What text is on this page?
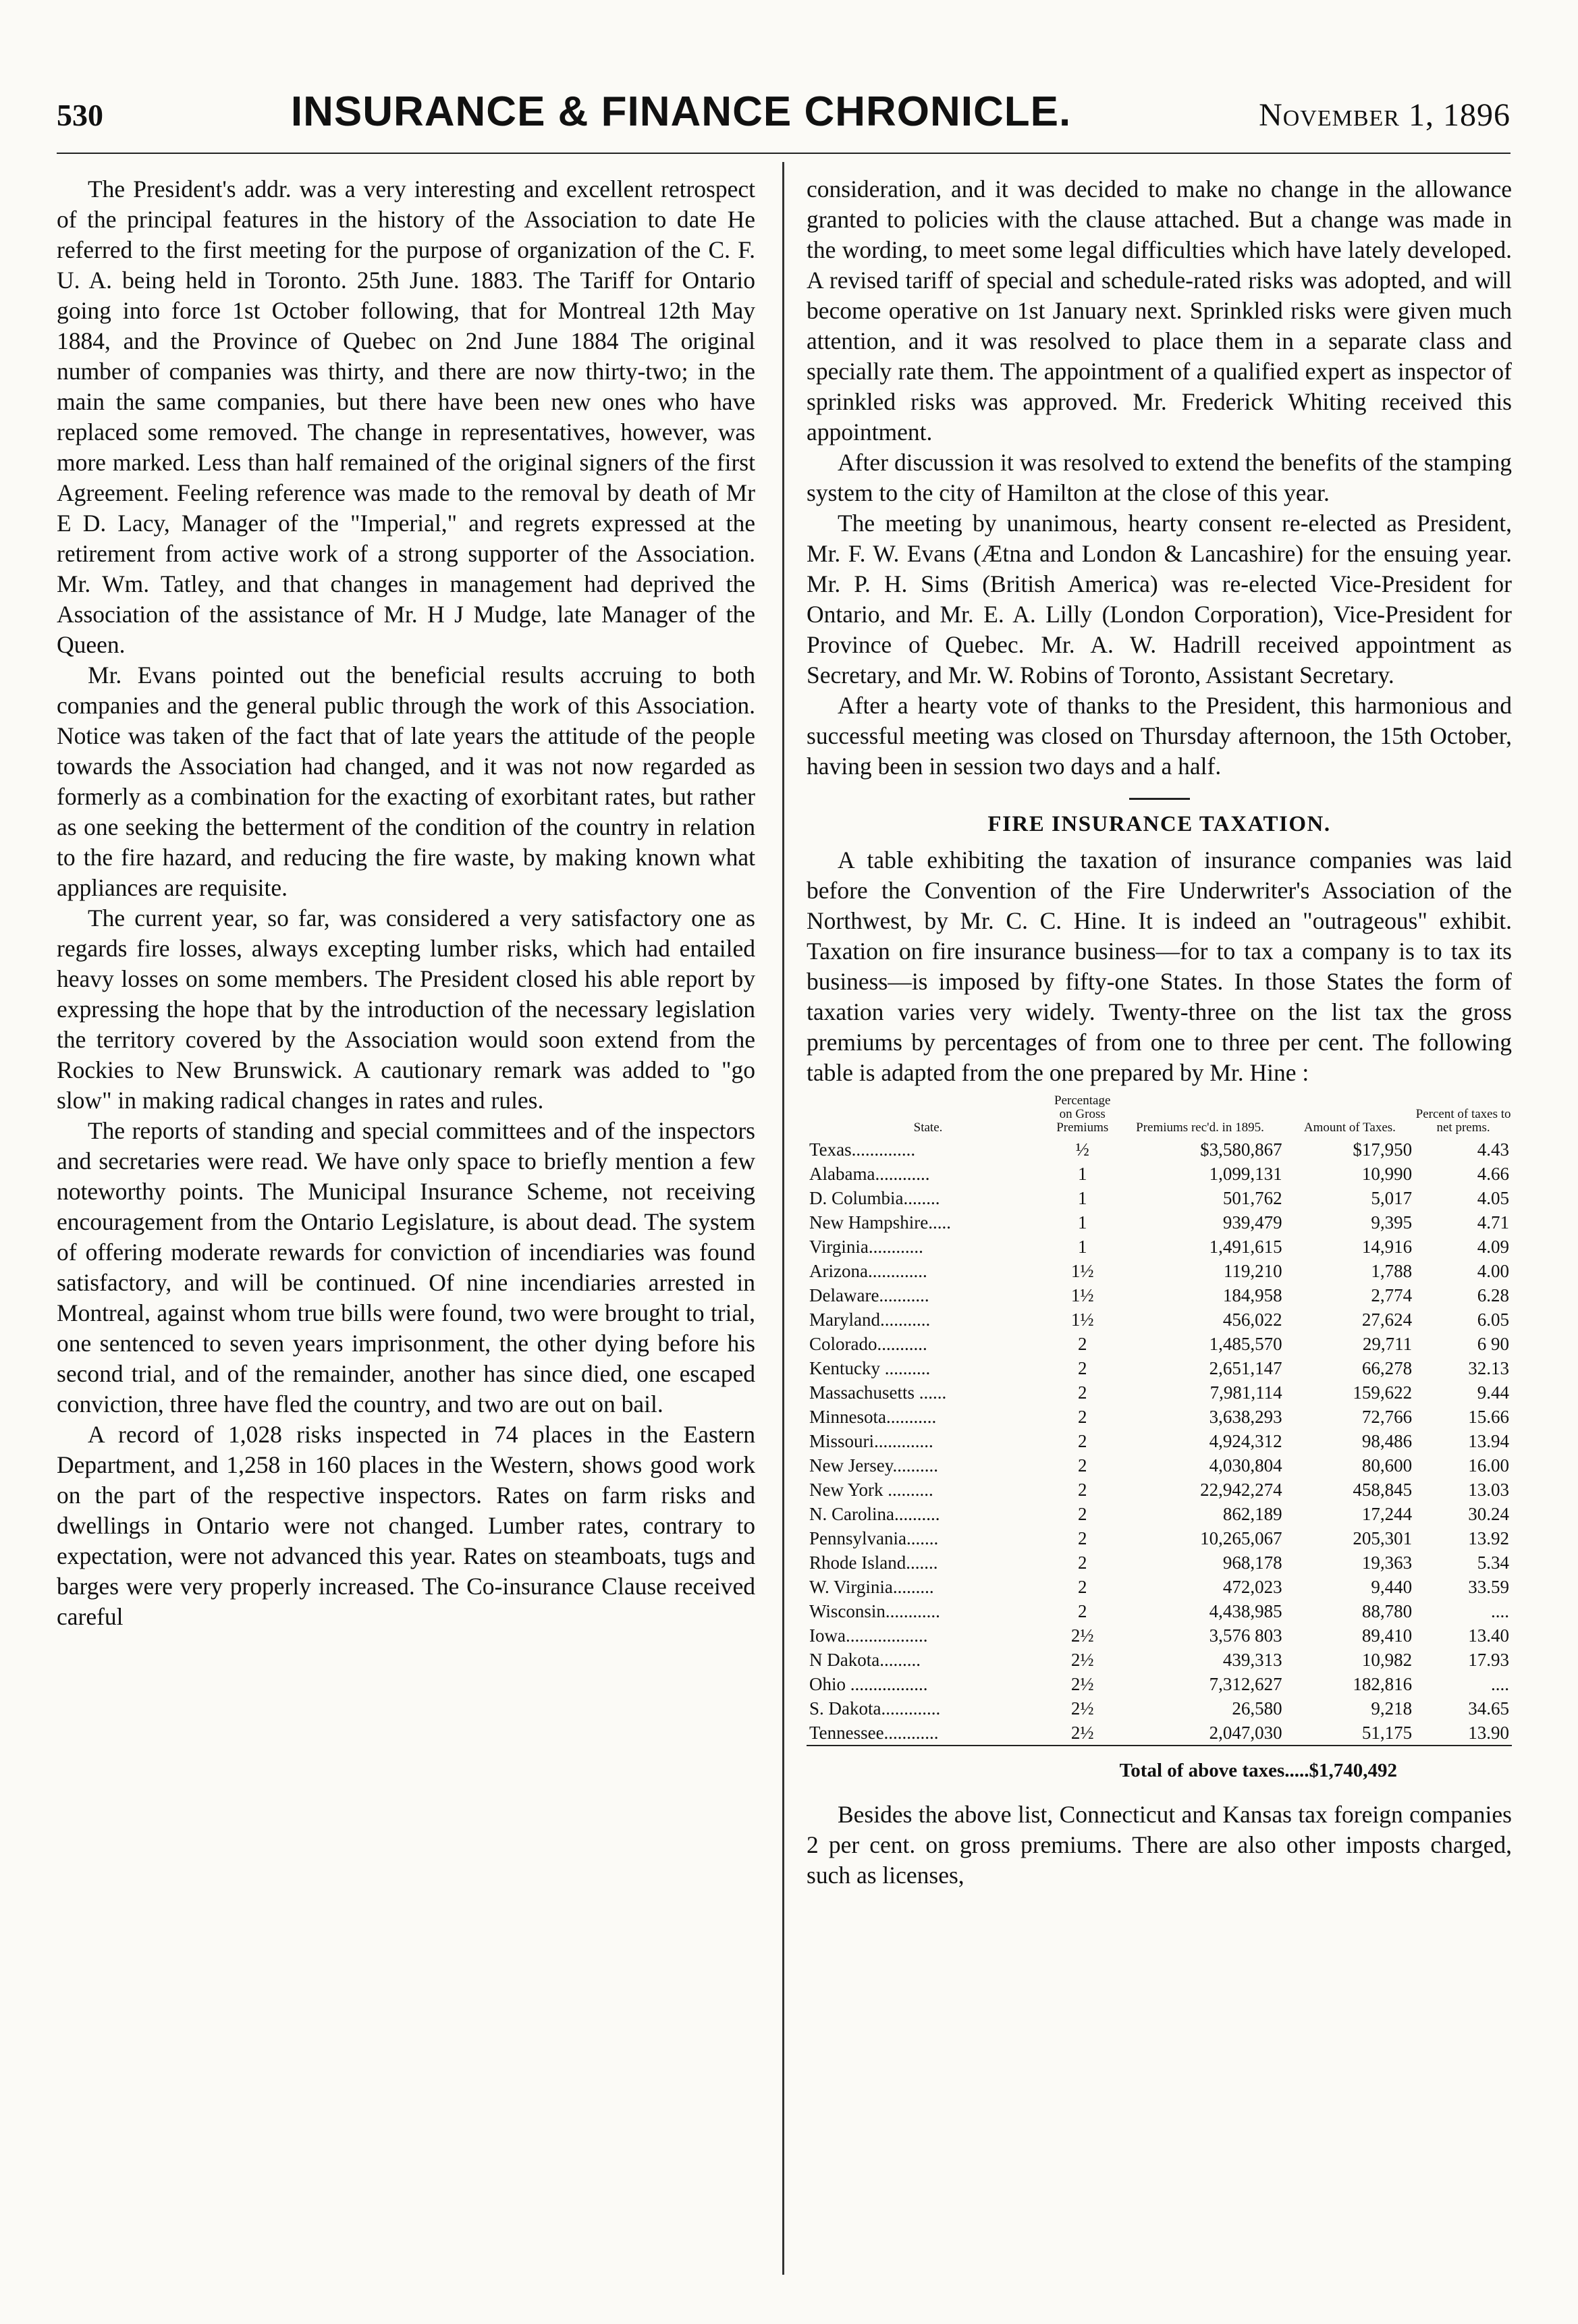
530	INSURANCE & FINANCE CHRONICLE.	November 1, 1896

The President's addr. was a very interesting and excellent retrospect of the principal features in the history of the Association to date He referred to the first meeting for the purpose of organization of the C. F. U. A. being held in Toronto. 25th June. 1883. The Tariff for Ontario going into force 1st October following, that for Montreal 12th May 1884, and the Province of Quebec on 2nd June 1884 The original number of companies was thirty, and there are now thirty-two; in the main the same companies, but there have been new ones who have replaced some removed. The change in representatives, however, was more marked. Less than half remained of the original signers of the first Agreement. Feeling reference was made to the removal by death of Mr E D. Lacy, Manager of the "Imperial," and regrets expressed at the retirement from active work of a strong supporter of the Association. Mr. Wm. Tatley, and that changes in management had deprived the Association of the assistance of Mr. H J Mudge, late Manager of the Queen.

Mr. Evans pointed out the beneficial results accruing to both companies and the general public through the work of this Association. Notice was taken of the fact that of late years the attitude of the people towards the Association had changed, and it was not now regarded as formerly as a combination for the exacting of exorbitant rates, but rather as one seeking the betterment of the condition of the country in relation to the fire hazard, and reducing the fire waste, by making known what appliances are requisite.

The current year, so far, was considered a very satisfactory one as regards fire losses, always excepting lumber risks, which had entailed heavy losses on some members. The President closed his able report by expressing the hope that by the introduction of the necessary legislation the territory covered by the Association would soon extend from the Rockies to New Brunswick. A cautionary remark was added to "go slow" in making radical changes in rates and rules.

The reports of standing and special committees and of the inspectors and secretaries were read. We have only space to briefly mention a few noteworthy points. The Municipal Insurance Scheme, not receiving encouragement from the Ontario Legislature, is about dead. The system of offering moderate rewards for conviction of incendiaries was found satisfactory, and will be continued. Of nine incendiaries arrested in Montreal, against whom true bills were found, two were brought to trial, one sentenced to seven years imprisonment, the other dying before his second trial, and of the remainder, another has since died, one escaped conviction, three have fled the country, and two are out on bail.

A record of 1,028 risks inspected in 74 places in the Eastern Department, and 1,258 in 160 places in the Western, shows good work on the part of the respective inspectors. Rates on farm risks and dwellings in Ontario were not changed. Lumber rates, contrary to expectation, were not advanced this year. Rates on steamboats, tugs and barges were very properly increased. The Co-insurance Clause received careful

consideration, and it was decided to make no change in the allowance granted to policies with the clause attached. But a change was made in the wording, to meet some legal difficulties which have lately developed. A revised tariff of special and schedule-rated risks was adopted, and will become operative on 1st January next. Sprinkled risks were given much attention, and it was resolved to place them in a separate class and specially rate them. The appointment of a qualified expert as inspector of sprinkled risks was approved. Mr. Frederick Whiting received this appointment.

After discussion it was resolved to extend the benefits of the stamping system to the city of Hamilton at the close of this year.

The meeting by unanimous, hearty consent re-elected as President, Mr. F. W. Evans (Ætna and London & Lancashire) for the ensuing year. Mr. P. H. Sims (British America) was re-elected Vice-President for Ontario, and Mr. E. A. Lilly (London Corporation), Vice-President for Province of Quebec. Mr. A. W. Hadrill received appointment as Secretary, and Mr. W. Robins of Toronto, Assistant Secretary.

After a hearty vote of thanks to the President, this harmonious and successful meeting was closed on Thursday afternoon, the 15th October, having been in session two days and a half.

FIRE INSURANCE TAXATION.

A table exhibiting the taxation of insurance companies was laid before the Convention of the Fire Underwriter's Association of the Northwest, by Mr. C. C. Hine. It is indeed an "outrageous" exhibit. Taxation on fire insurance business—for to tax a company is to tax its business—is imposed by fifty-one States. In those States the form of taxation varies very widely. Twenty-three on the list tax the gross premiums by percentages of from one to three per cent. The following table is adapted from the one prepared by Mr. Hine :

State.	Percentage on Gross Premiums	Premiums rec'd. in 1895.	Amount of Taxes.	Percent of taxes to net prems.
Texas..............	½	$3,580,867	$17,950	4.43
Alabama............	1	1,099,131	10,990	4.66
D. Columbia........	1	501,762	5,017	4.05
New Hampshire.....	1	939,479	9,395	4.71
Virginia............	1	1,491,615	14,916	4.09
Arizona.............	1½	119,210	1,788	4.00
Delaware...........	1½	184,958	2,774	6.28
Maryland...........	1½	456,022	27,624	6.05
Colorado...........	2	1,485,570	29,711	6 90
Kentucky ..........	2	2,651,147	66,278	32.13
Massachusetts ......	2	7,981,114	159,622	9.44
Minnesota...........	2	3,638,293	72,766	15.66
Missouri.............	2	4,924,312	98,486	13.94
New Jersey..........	2	4,030,804	80,600	16.00
New York ..........	2	22,942,274	458,845	13.03
N. Carolina..........	2	862,189	17,244	30.24
Pennsylvania.......	2	10,265,067	205,301	13.92
Rhode Island.......	2	968,178	19,363	5.34
W. Virginia.........	2	472,023	9,440	33.59
Wisconsin............	2	4,438,985	88,780	....
Iowa..................	2½	3,576 803	89,410	13.40
N Dakota.........	2½	439,313	10,982	17.93
Ohio .................	2½	7,312,627	182,816	....
S. Dakota.............	2½	26,580	9,218	34.65
Tennessee............	2½	2,047,030	51,175	13.90
Total of above taxes.....$1,740,492

Besides the above list, Connecticut and Kansas tax foreign companies 2 per cent. on gross premiums. There are also other imposts charged, such as licenses,
